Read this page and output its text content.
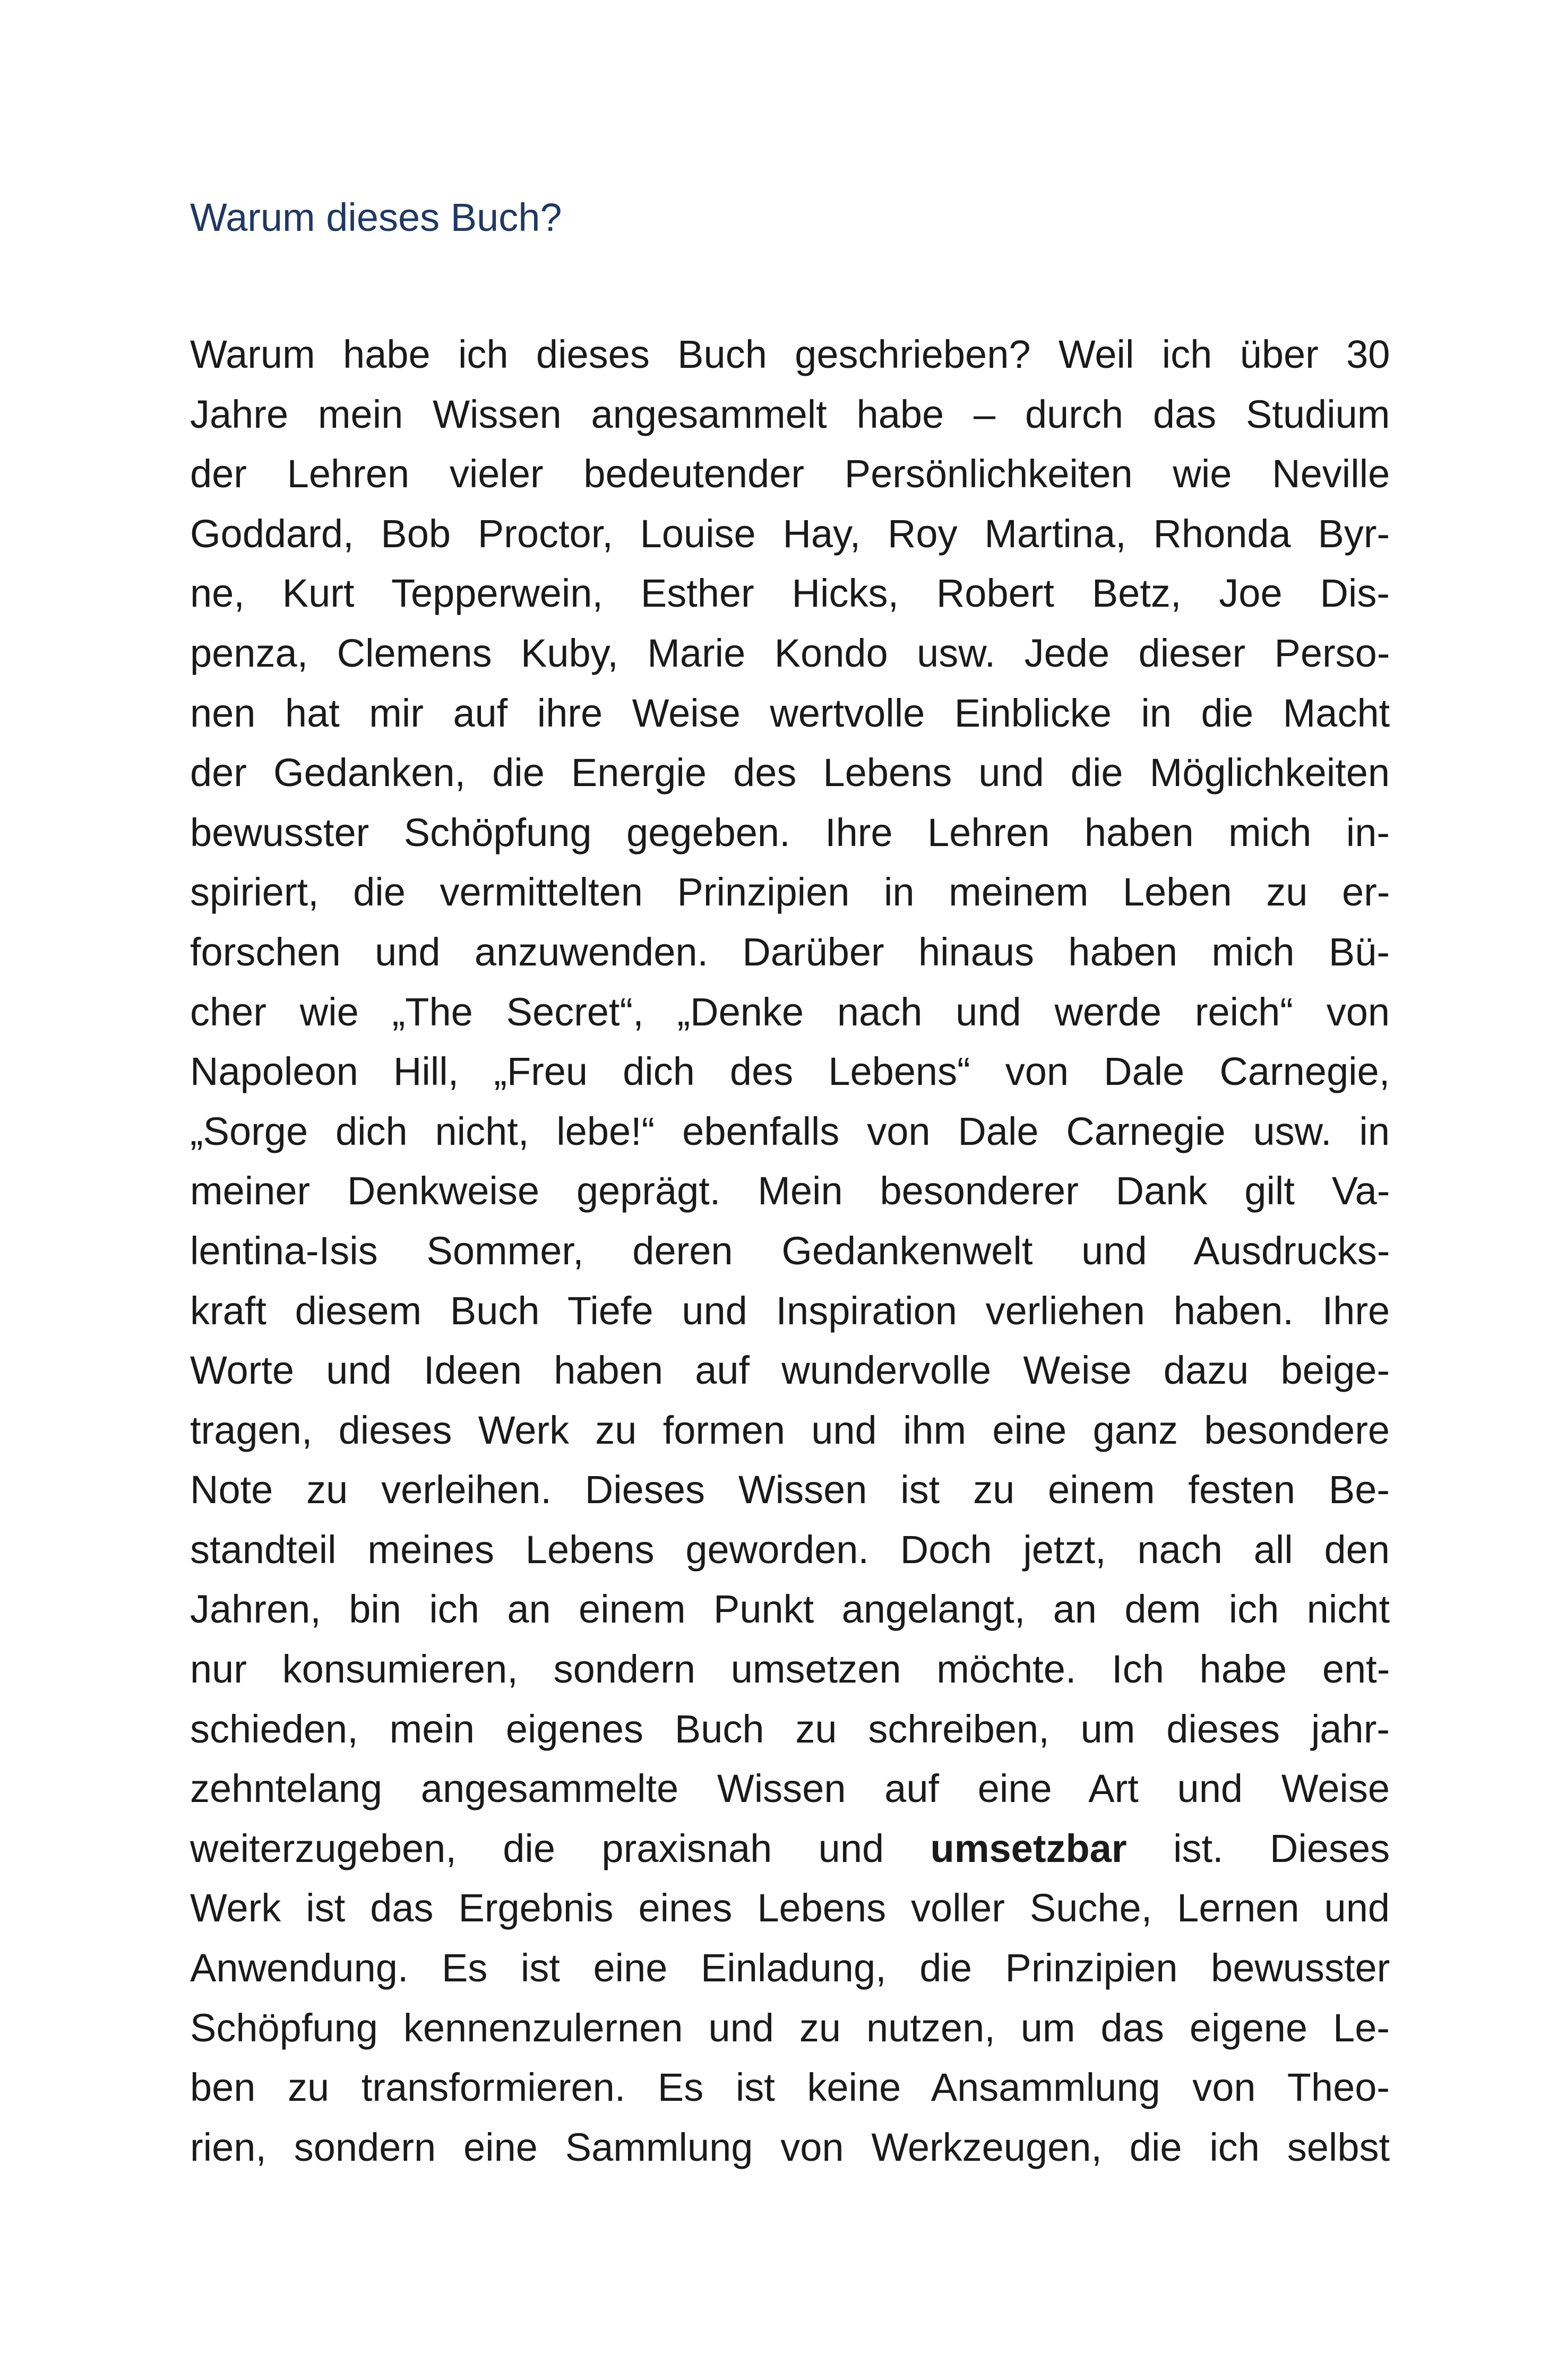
Warum dieses Buch?
Warum habe ich dieses Buch geschrieben? Weil ich über 30
Jahre mein Wissen angesammelt habe – durch das Studium
der Lehren vieler bedeutender Persönlichkeiten wie Neville
Goddard, Bob Proctor, Louise Hay, Roy Martina, Rhonda Byr-
ne, Kurt Tepperwein, Esther Hicks, Robert Betz, Joe Dis-
penza, Clemens Kuby, Marie Kondo usw. Jede dieser Perso-
nen hat mir auf ihre Weise wertvolle Einblicke in die Macht
der Gedanken, die Energie des Lebens und die Möglichkeiten
bewusster Schöpfung gegeben. Ihre Lehren haben mich in-
spiriert, die vermittelten Prinzipien in meinem Leben zu er-
forschen und anzuwenden. Darüber hinaus haben mich Bü-
cher wie „The Secret“, „Denke nach und werde reich“ von
Napoleon Hill, „Freu dich des Lebens“ von Dale Carnegie,
„Sorge dich nicht, lebe!“ ebenfalls von Dale Carnegie usw. in
meiner Denkweise geprägt. Mein besonderer Dank gilt Va-
lentina-Isis Sommer, deren Gedankenwelt und Ausdrucks-
kraft diesem Buch Tiefe und Inspiration verliehen haben. Ihre
Worte und Ideen haben auf wundervolle Weise dazu beige-
tragen, dieses Werk zu formen und ihm eine ganz besondere
Note zu verleihen. Dieses Wissen ist zu einem festen Be-
standteil meines Lebens geworden. Doch jetzt, nach all den
Jahren, bin ich an einem Punkt angelangt, an dem ich nicht
nur konsumieren, sondern umsetzen möchte. Ich habe ent-
schieden, mein eigenes Buch zu schreiben, um dieses jahr-
zehntelang angesammelte Wissen auf eine Art und Weise
weiterzugeben, die praxisnah und umsetzbar ist. Dieses
Werk ist das Ergebnis eines Lebens voller Suche, Lernen und
Anwendung. Es ist eine Einladung, die Prinzipien bewusster
Schöpfung kennenzulernen und zu nutzen, um das eigene Le-
ben zu transformieren. Es ist keine Ansammlung von Theo-
rien, sondern eine Sammlung von Werkzeugen, die ich selbst
